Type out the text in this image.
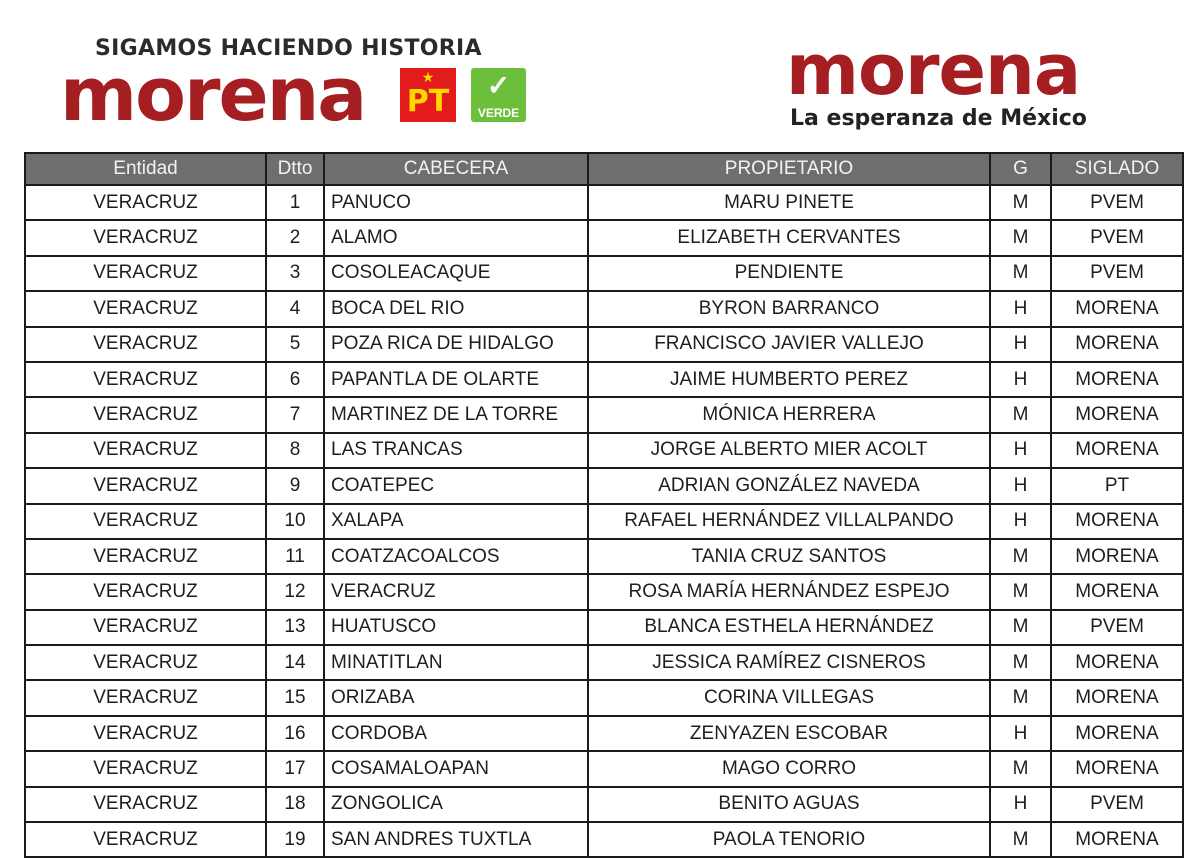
SIGAMOS HACIENDO HISTORIA
morena	★
PT	✓
VERDE
morena
La esperanza de México
Entidad	Dtto	CABECERA	PROPIETARIO	G	SIGLADO
VERACRUZ	1	PANUCO	MARU PINETE	M	PVEM
VERACRUZ	2	ALAMO	ELIZABETH CERVANTES	M	PVEM
VERACRUZ	3	COSOLEACAQUE	PENDIENTE	M	PVEM
VERACRUZ	4	BOCA DEL RIO	BYRON BARRANCO	H	MORENA
VERACRUZ	5	POZA RICA DE HIDALGO	FRANCISCO JAVIER VALLEJO	H	MORENA
VERACRUZ	6	PAPANTLA DE OLARTE	JAIME HUMBERTO PEREZ	H	MORENA
VERACRUZ	7	MARTINEZ DE LA TORRE	MÓNICA HERRERA	M	MORENA
VERACRUZ	8	LAS TRANCAS	JORGE ALBERTO MIER ACOLT	H	MORENA
VERACRUZ	9	COATEPEC	ADRIAN GONZÁLEZ NAVEDA	H	PT
VERACRUZ	10	XALAPA	RAFAEL HERNÁNDEZ VILLALPANDO	H	MORENA
VERACRUZ	11	COATZACOALCOS	TANIA CRUZ SANTOS	M	MORENA
VERACRUZ	12	VERACRUZ	ROSA MARÍA HERNÁNDEZ ESPEJO	M	MORENA
VERACRUZ	13	HUATUSCO	BLANCA ESTHELA HERNÁNDEZ	M	PVEM
VERACRUZ	14	MINATITLAN	JESSICA RAMÍREZ CISNEROS	M	MORENA
VERACRUZ	15	ORIZABA	CORINA VILLEGAS	M	MORENA
VERACRUZ	16	CORDOBA	ZENYAZEN ESCOBAR	H	MORENA
VERACRUZ	17	COSAMALOAPAN	MAGO CORRO	M	MORENA
VERACRUZ	18	ZONGOLICA	BENITO AGUAS	H	PVEM
VERACRUZ	19	SAN ANDRES TUXTLA	PAOLA TENORIO	M	MORENA
